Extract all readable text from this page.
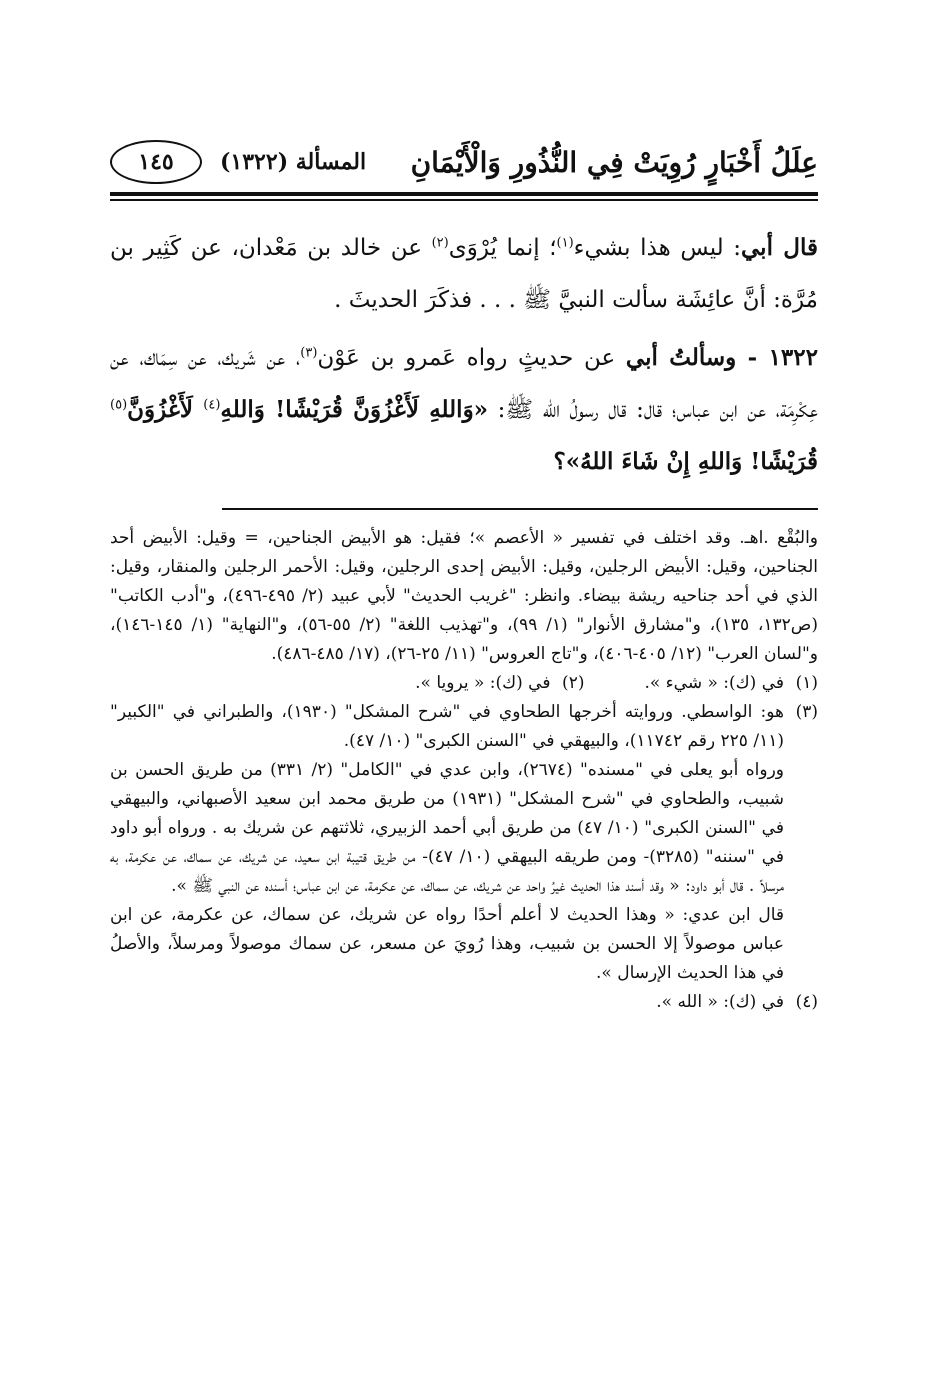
عِلَلُ أَخْبَارٍ رُوِيَتْ فِي النُّذُورِ وَالْأَيْمَانِ
المسألة (١٣٢٢)
١٤٥

قال أبي: ليس هذا بشيء$^{(١)}$؛ إنما يُرْوَى$^{(٢)}$ عن خالد بن مَعْدان، عن كَثِير بن مُرَّة: أنَّ عائِشَة سألت النبيَّ ﷺ . . . فذكَرَ الحديثَ .

١٣٢٢ - وسألتُ أبي عن حديثٍ رواه عَمرو بن عَوْن$^{(٣)}$، عن شَريك، عن سِمَاك، عن عِكْرِمَة، عن ابن عباس؛ قال: قال رسولُ الله ﷺ: «وَاللهِ لَأَغْزُوَنَّ قُرَيْشًا! وَاللهِ$^{(٤)}$ لَأَغْزُوَنَّ$^{(٥)}$ قُرَيْشًا! وَاللهِ إِنْ شَاءَ اللهُ»؟

والبُقْع .اهـ. وقد اختلف في تفسير « الأعصم »؛ فقيل: هو الأبيض الجناحين، = وقيل: الأبيض أحد الجناحين، وقيل: الأبيض الرجلين، وقيل: الأبيض إحدى الرجلين، وقيل: الأحمر الرجلين والمنقار، وقيل: الذي في أحد جناحيه ريشة بيضاء. وانظر: "غريب الحديث" لأبي عبيد (٢/ ٤٩٥-٤٩٦)، و"أدب الكاتب" (ص١٣٢، ١٣٥)، و"مشارق الأنوار" (١/ ٩٩)، و"تهذيب اللغة" (٢/ ٥٥-٥٦)، و"النهاية" (١/ ١٤٥-١٤٦)، و"لسان العرب" (١٢/ ٤٠٥-٤٠٦)، و"تاج العروس" (١١/ ٢٥-٢٦)، (١٧/ ٤٨٥-٤٨٦).

(١)
في (ك): « شيء ».
(٢)
في (ك): « يرويا ».
(٣)
هو: الواسطي. وروايته أخرجها الطحاوي في "شرح المشكل" (١٩٣٠)، والطبراني في "الكبير" (١١/ ٢٢٥ رقم ١١٧٤٢)، والبيهقي في "السنن الكبرى" (١٠/ ٤٧).

ورواه أبو يعلى في "مسنده" (٢٦٧٤)، وابن عدي في "الكامل" (٢/ ٣٣١) من طريق الحسن بن شبيب، والطحاوي في "شرح المشكل" (١٩٣١) من طريق محمد ابن سعيد الأصبهاني، والبيهقي في "السنن الكبرى" (١٠/ ٤٧) من طريق أبي أحمد الزبيري، ثلاثتهم عن شريك به . ورواه أبو داود في "سننه" (٣٢٨٥)- ومن طريقه البيهقي (١٠/ ٤٧)- من طريق قتيبة ابن سعيد، عن شريك، عن سماك، عن عكرمة، به مرسلاً . قال أبو داود: « وقد أسند هذا الحديث غيرُ واحد عن شريك، عن سماك، عن عكرمة، عن ابن عباس؛ أسنده عن النبي ﷺ ».

قال ابن عدي: « وهذا الحديث لا أعلم أحدًا رواه عن شريك، عن سماك، عن عكرمة، عن ابن عباس موصولاً إلا الحسن بن شبيب، وهذا رُويَ عن مسعر، عن سماك موصولاً ومرسلاً، والأصلُ في هذا الحديث الإرسال ».

(٤)
في (ك): « الله ».
